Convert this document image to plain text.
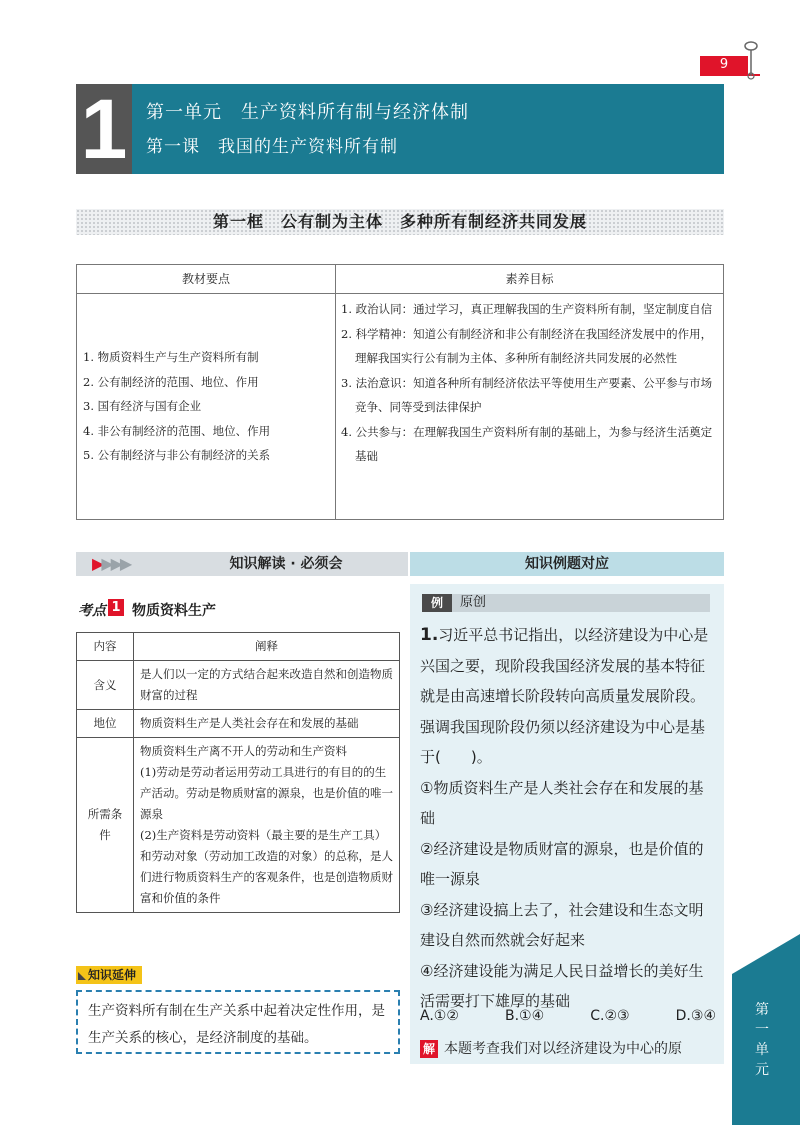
9
1 第一单元　生产资料所有制与经济体制
第一课　我国的生产资料所有制
第一框　公有制为主体　多种所有制经济共同发展
教材要点	素养目标
1. 物质资料生产与生产资料所有制
2. 公有制经济的范围、地位、作用
3. 国有经济与国有企业
4. 非公有制经济的范围、地位、作用
5. 公有制经济与非公有制经济的关系
1. 政治认同：通过学习，真正理解我国的生产资料所有制，坚定制度自信
2. 科学精神：知道公有制经济和非公有制经济在我国经济发展中的作用，理解我国实行公有制为主体、多种所有制经济共同发展的必然性
3. 法治意识：知道各种所有制经济依法平等使用生产要素、公平参与市场竞争、同等受到法律保护
4. 公共参与：在理解我国生产资料所有制的基础上，为参与经济生活奠定基础
▶▶▶▶	知识解读 · 必须会	知识例题对应
考点 1 物质资料生产
内容	阐释
含义	是人们以一定的方式结合起来改造自然和创造物质财富的过程
地位	物质资料生产是人类社会存在和发展的基础
所需条件	物质资料生产离不开人的劳动和生产资料
(1)劳动是劳动者运用劳动工具进行的有目的的生产活动。劳动是物质财富的源泉，也是价值的唯一源泉
(2)生产资料是劳动资料（最主要的是生产工具）和劳动对象（劳动加工改造的对象）的总称，是人们进行物质资料生产的客观条件，也是创造物质财富和价值的条件
知识延伸
生产资料所有制在生产关系中起着决定性作用，是生产关系的核心，是经济制度的基础。
例	原创
1.习近平总书记指出，以经济建设为中心是兴国之要，现阶段我国经济发展的基本特征就是由高速增长阶段转向高质量发展阶段。强调我国现阶段仍须以经济建设为中心是基于(　　)。
①物质资料生产是人类社会存在和发展的基础
②经济建设是物质财富的源泉，也是价值的唯一源泉
③经济建设搞上去了，社会建设和生态文明建设自然而然就会好起来
④经济建设能为满足人民日益增长的美好生活需要打下雄厚的基础
A.①②	B.①④	C.②③	D.③④
解 本题考查我们对以经济建设为中心的原
第一单元
